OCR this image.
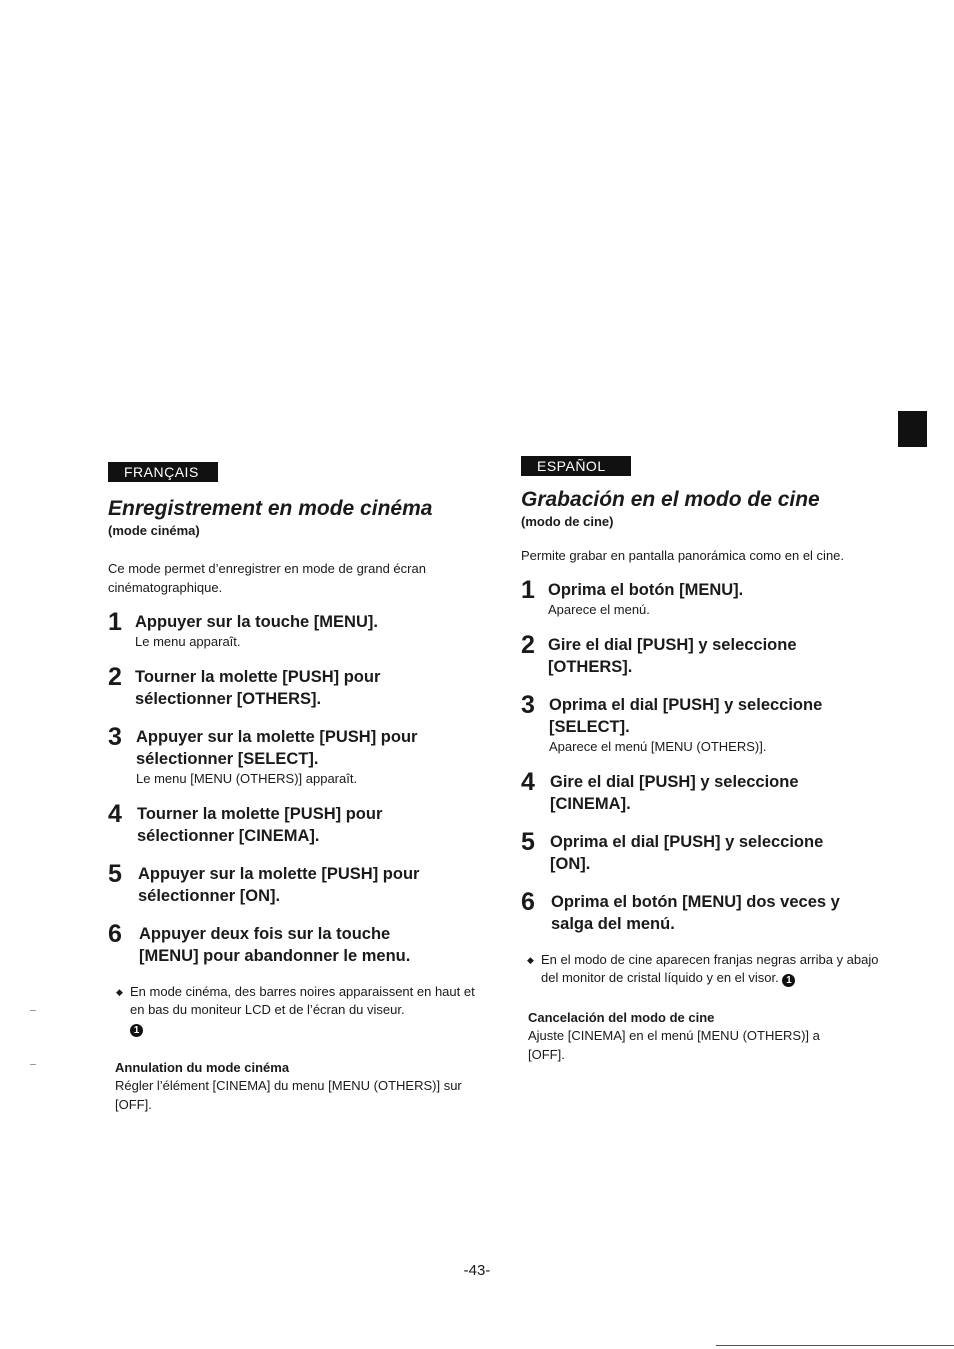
FRANÇAIS
Enregistrement en mode cinéma
(mode cinéma)
Ce mode permet d’enregistrer en mode de grand écran cinématographique.
1 Appuyer sur la touche [MENU].
Le menu apparaît.
2 Tourner la molette [PUSH] pour sélectionner [OTHERS].
3 Appuyer sur la molette [PUSH] pour sélectionner [SELECT].
Le menu [MENU (OTHERS)] apparaît.
4 Tourner la molette [PUSH] pour sélectionner [CINEMA].
5 Appuyer sur la molette [PUSH] pour sélectionner [ON].
6 Appuyer deux fois sur la touche [MENU] pour abandonner le menu.
◆ En mode cinéma, des barres noires apparaissent en haut et en bas du moniteur LCD et de l’écran du viseur.
1
Annulation du mode cinéma
Régler l’élément [CINEMA] du menu [MENU (OTHERS)] sur [OFF].
ESPAÑOL
Grabación en el modo de cine
(modo de cine)
Permite grabar en pantalla panorámica como en el cine.
1 Oprima el botón [MENU].
Aparece el menú.
2 Gire el dial [PUSH] y seleccione [OTHERS].
3 Oprima el dial [PUSH] y seleccione [SELECT].
Aparece el menú [MENU (OTHERS)].
4 Gire el dial [PUSH] y seleccione [CINEMA].
5 Oprima el dial [PUSH] y seleccione [ON].
6 Oprima el botón [MENU] dos veces y salga del menú.
◆ En el modo de cine aparecen franjas negras arriba y abajo del monitor de cristal líquido y en el visor. 1
Cancelación del modo de cine
Ajuste [CINEMA] en el menú [MENU (OTHERS)] a [OFF].
-43-
